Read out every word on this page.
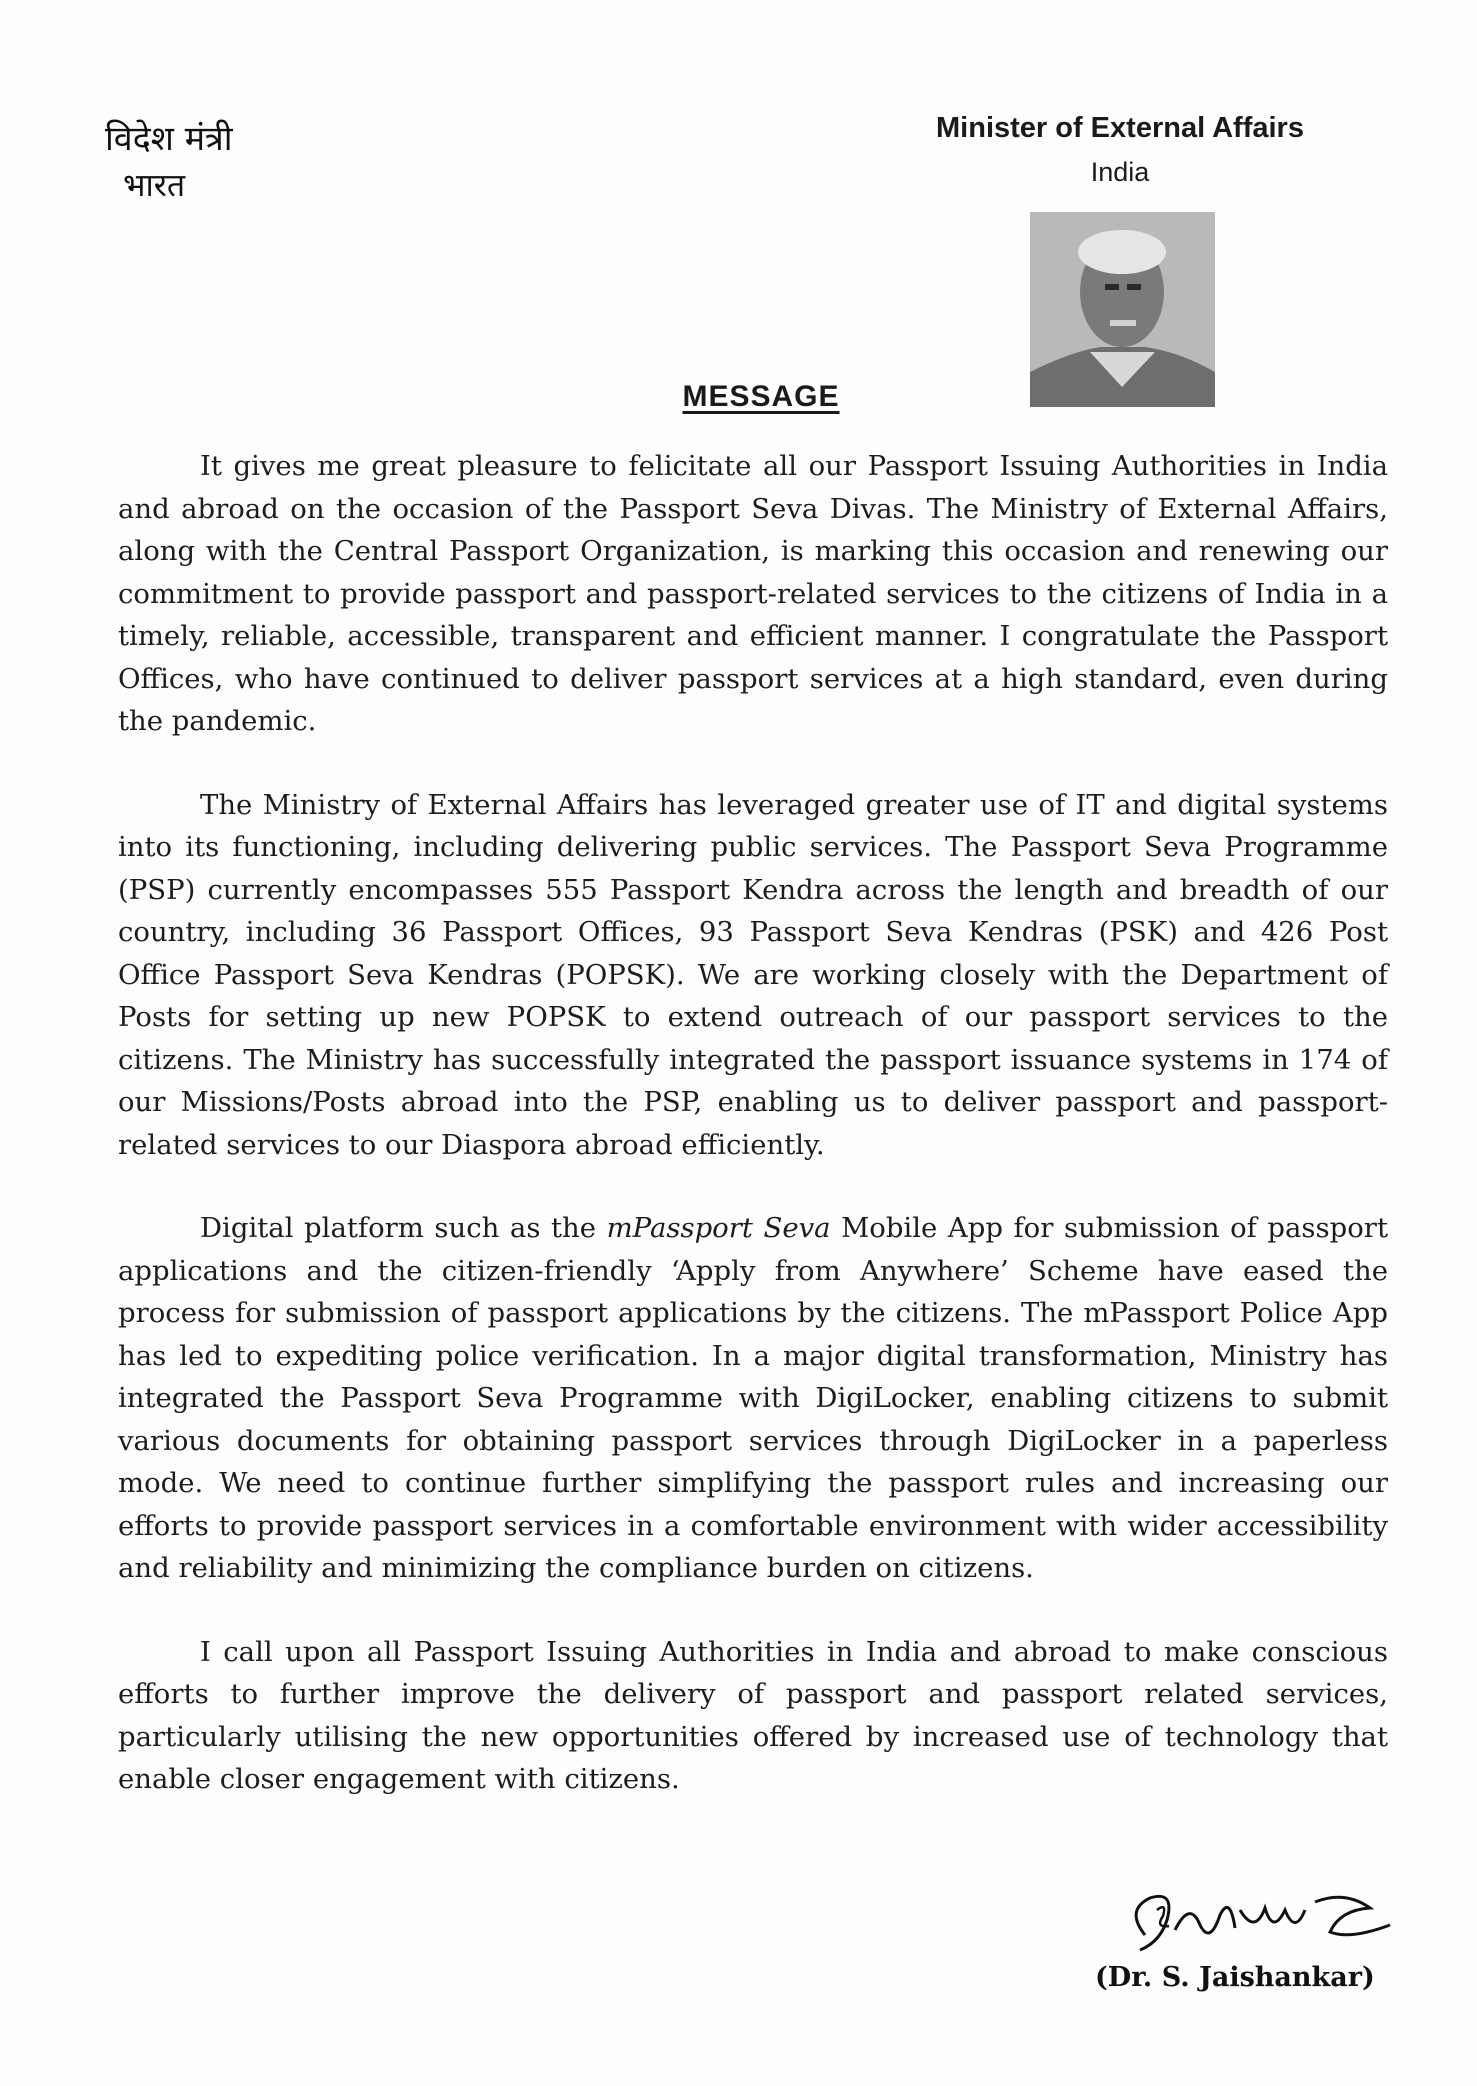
विदेश मंत्री
भारत
Minister of External Affairs
India
MESSAGE

It gives me great pleasure to felicitate all our Passport Issuing Authorities in India and abroad on the occasion of the Passport Seva Divas. The Ministry of External Affairs, along with the Central Passport Organization, is marking this occasion and renewing our commitment to provide passport and passport-related services to the citizens of India in a timely, reliable, accessible, transparent and efficient manner. I congratulate the Passport Offices, who have continued to deliver passport services at a high standard, even during the pandemic.

The Ministry of External Affairs has leveraged greater use of IT and digital systems into its functioning, including delivering public services. The Passport Seva Programme (PSP) currently encompasses 555 Passport Kendra across the length and breadth of our country, including 36 Passport Offices, 93 Passport Seva Kendras (PSK) and 426 Post Office Passport Seva Kendras (POPSK). We are working closely with the Department of Posts for setting up new POPSK to extend outreach of our passport services to the citizens. The Ministry has successfully integrated the passport issuance systems in 174 of our Missions/Posts abroad into the PSP, enabling us to deliver passport and passport-related services to our Diaspora abroad efficiently.

Digital platform such as the mPassport Seva Mobile App for submission of passport applications and the citizen-friendly ‘Apply from Anywhere’ Scheme have eased the process for submission of passport applications by the citizens. The mPassport Police App has led to expediting police verification. In a major digital transformation, Ministry has integrated the Passport Seva Programme with DigiLocker, enabling citizens to submit various documents for obtaining passport services through DigiLocker in a paperless mode. We need to continue further simplifying the passport rules and increasing our efforts to provide passport services in a comfortable environment with wider accessibility and reliability and minimizing the compliance burden on citizens.

I call upon all Passport Issuing Authorities in India and abroad to make conscious efforts to further improve the delivery of passport and passport related services, particularly utilising the new opportunities offered by increased use of technology that enable closer engagement with citizens.

(Dr. S. Jaishankar)
